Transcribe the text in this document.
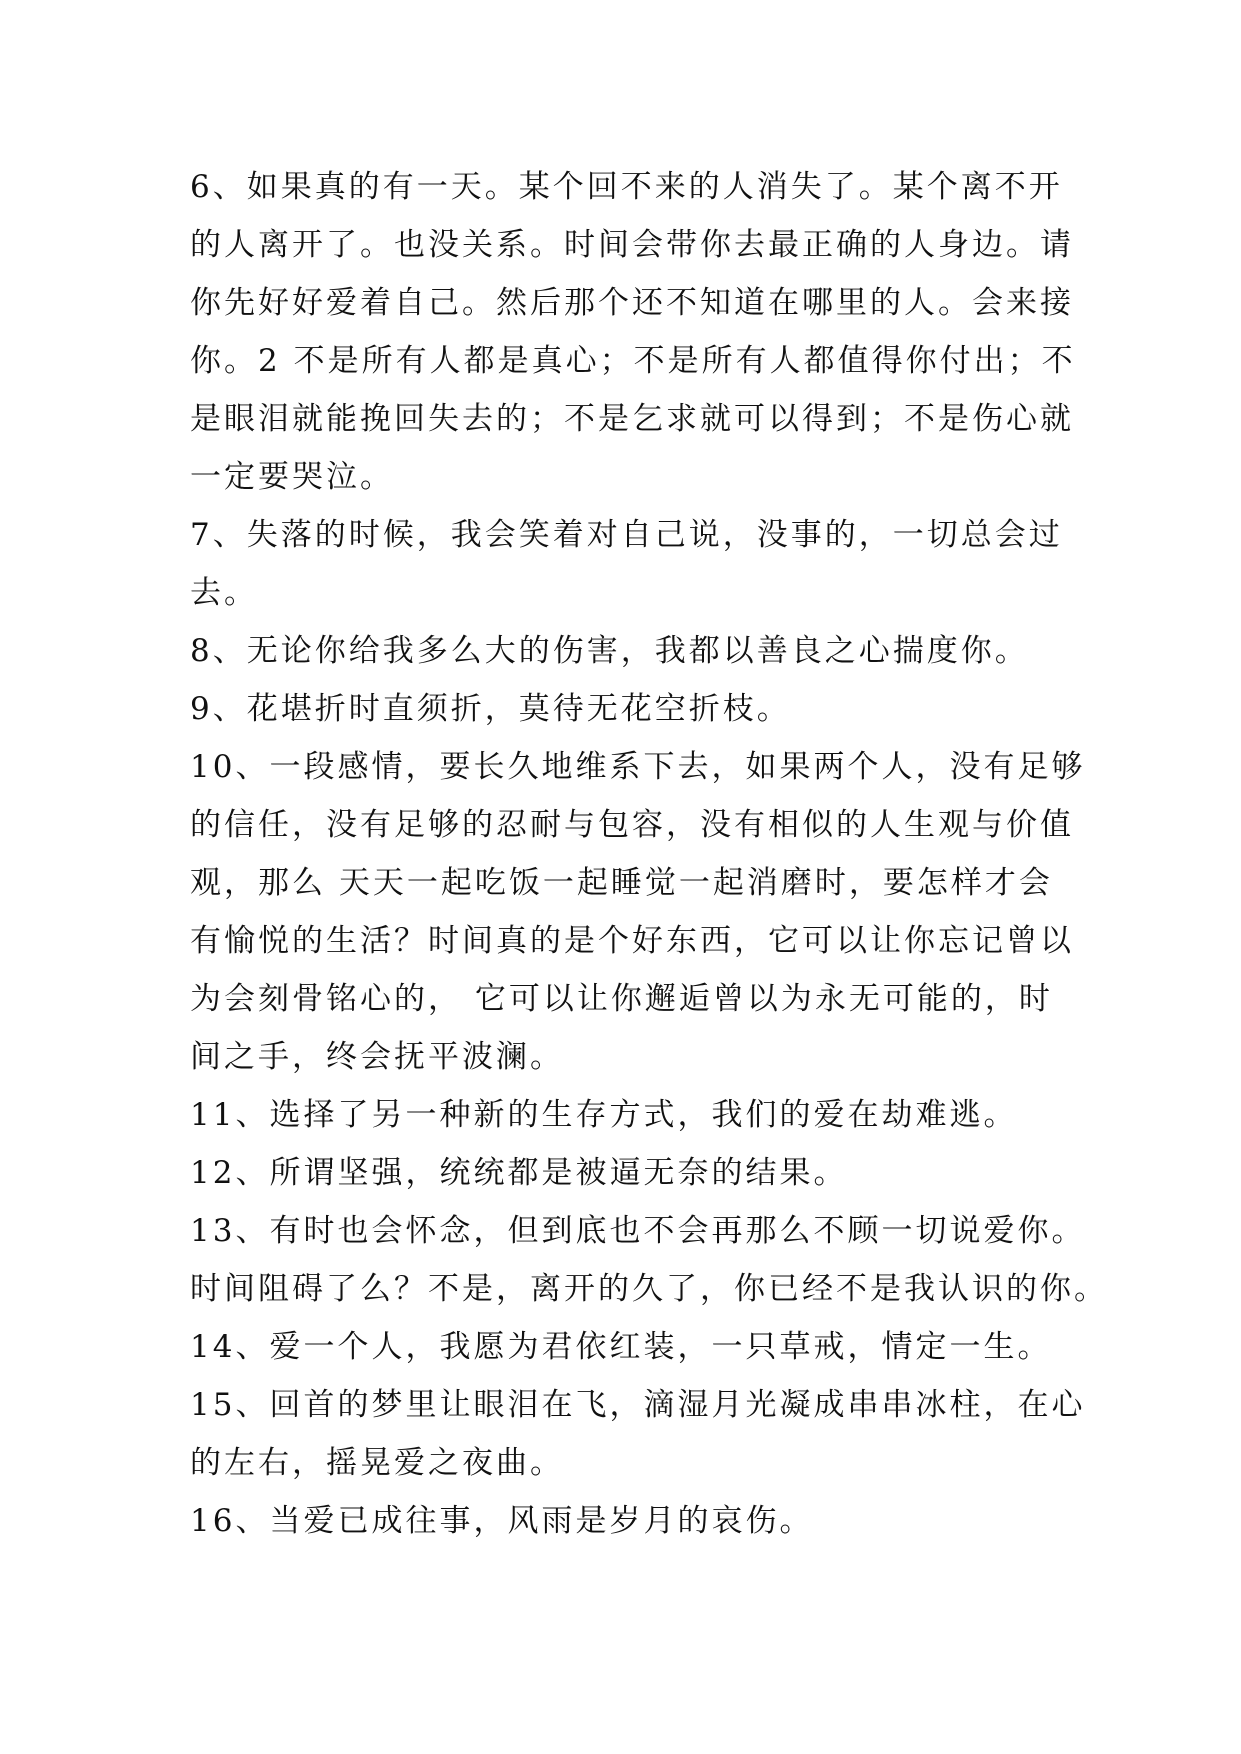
6、如果真的有一天。某个回不来的人消失了。某个离不开
的人离开了。也没关系。时间会带你去最正确的人身边。请
你先好好爱着自己。然后那个还不知道在哪里的人。会来接
你。2 不是所有人都是真心；不是所有人都值得你付出；不
是眼泪就能挽回失去的；不是乞求就可以得到；不是伤心就
一定要哭泣。
7、失落的时候，我会笑着对自己说，没事的，一切总会过
去。
8、无论你给我多么大的伤害，我都以善良之心揣度你。
9、花堪折时直须折，莫待无花空折枝。
10、一段感情，要长久地维系下去，如果两个人，没有足够
的信任，没有足够的忍耐与包容，没有相似的人生观与价值
观，那么 天天一起吃饭一起睡觉一起消磨时，要怎样才会
有愉悦的生活？时间真的是个好东西，它可以让你忘记曾以
为会刻骨铭心的， 它可以让你邂逅曾以为永无可能的，时
间之手，终会抚平波澜。
11、选择了另一种新的生存方式，我们的爱在劫难逃。
12、所谓坚强，统统都是被逼无奈的结果。
13、有时也会怀念，但到底也不会再那么不顾一切说爱你。
时间阻碍了么？不是，离开的久了，你已经不是我认识的你。
14、爱一个人，我愿为君依红装，一只草戒，情定一生。
15、回首的梦里让眼泪在飞，滴湿月光凝成串串冰柱，在心
的左右，摇晃爱之夜曲。
16、当爱已成往事，风雨是岁月的哀伤。
